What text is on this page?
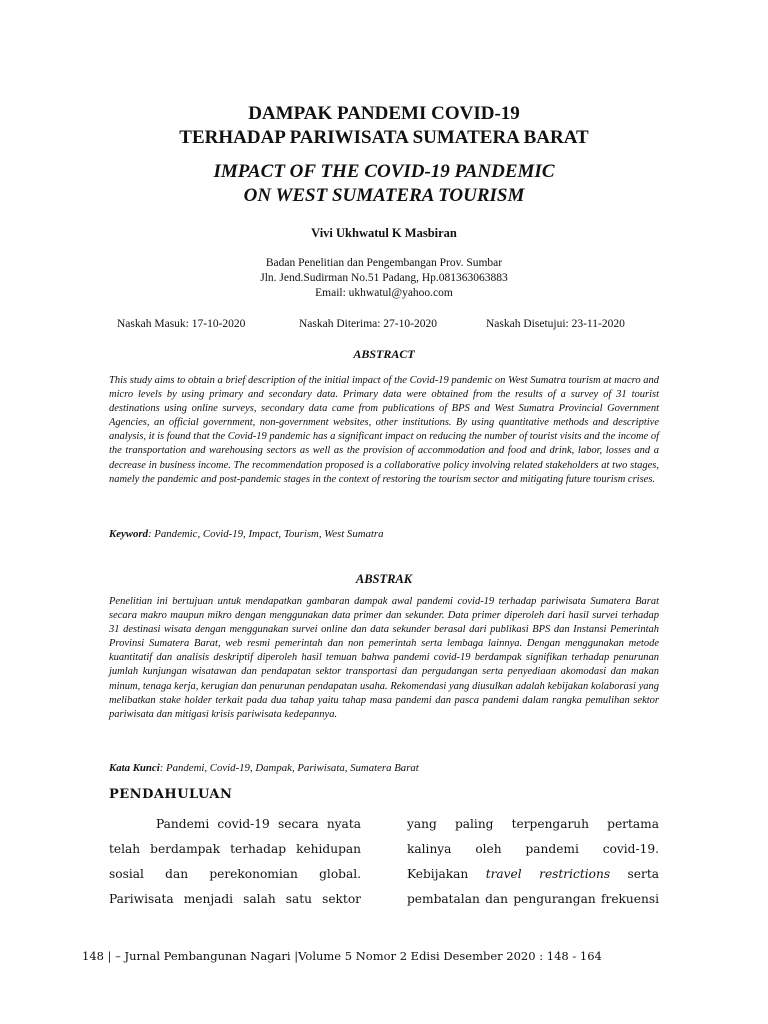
DAMPAK PANDEMI COVID-19
TERHADAP PARIWISATA SUMATERA BARAT
IMPACT OF THE COVID-19 PANDEMIC
ON WEST SUMATERA TOURISM
Vivi Ukhwatul K Masbiran
Badan Penelitian dan Pengembangan Prov. Sumbar
Jln. Jend.Sudirman No.51 Padang, Hp.081363063883
Email: ukhwatul@yahoo.com
Naskah Masuk: 17-10-2020	Naskah Diterima: 27-10-2020	Naskah Disetujui: 23-11-2020
ABSTRACT
This study aims to obtain a brief description of the initial impact of the Covid-19 pandemic on West Sumatra tourism at macro and micro levels by using primary and secondary data. Primary data were obtained from the results of a survey of 31 tourist destinations using online surveys, secondary data came from publications of BPS and West Sumatra Provincial Government Agencies, an official government, non-government websites, other institutions. By using quantitative methods and descriptive analysis, it is found that the Covid-19 pandemic has a significant impact on reducing the number of tourist visits and the income of the transportation and warehousing sectors as well as the provision of accommodation and food and drink, labor, losses and a decrease in business income. The recommendation proposed is a collaborative policy involving related stakeholders at two stages, namely the pandemic and post-pandemic stages in the context of restoring the tourism sector and mitigating future tourism crises.
Keyword: Pandemic, Covid-19, Impact, Tourism, West Sumatra
ABSTRAK
Penelitian ini bertujuan untuk mendapatkan gambaran dampak awal pandemi covid-19 terhadap pariwisata Sumatera Barat secara makro maupun mikro dengan menggunakan data primer dan sekunder. Data primer diperoleh dari hasil survei terhadap 31 destinasi wisata dengan menggunakan survei online dan data sekunder berasal dari publikasi BPS dan Instansi Pemerintah Provinsi Sumatera Barat, web resmi pemerintah dan non pemerintah serta lembaga lainnya. Dengan menggunakan metode kuantitatif dan analisis deskriptif diperoleh hasil temuan bahwa pandemi covid-19 berdampak signifikan terhadap penurunan jumlah kunjungan wisatawan dan pendapatan sektor transportasi dan pergudangan serta penyediaan akomodasi dan makan minum, tenaga kerja, kerugian dan penurunan pendapatan usaha. Rekomendasi yang diusulkan adalah kebijakan kolaborasi yang melibatkan stake holder terkait pada dua tahap yaitu tahap masa pandemi dan pasca pandemi dalam rangka pemulihan sektor pariwisata dan mitigasi krisis pariwisata kedepannya.
Kata Kunci: Pandemi, Covid-19, Dampak, Pariwisata, Sumatera Barat
PENDAHULUAN
Pandemi covid-19 secara nyata
telah berdampak terhadap kehidupan
sosial dan perekonomian global.
Pariwisata menjadi salah satu sektor
yang paling terpengaruh pertama
kalinya oleh pandemi covid-19.
Kebijakan travel restrictions serta
pembatalan dan pengurangan frekuensi
148 | – Jurnal Pembangunan Nagari |Volume 5 Nomor 2 Edisi Desember 2020 : 148 - 164
